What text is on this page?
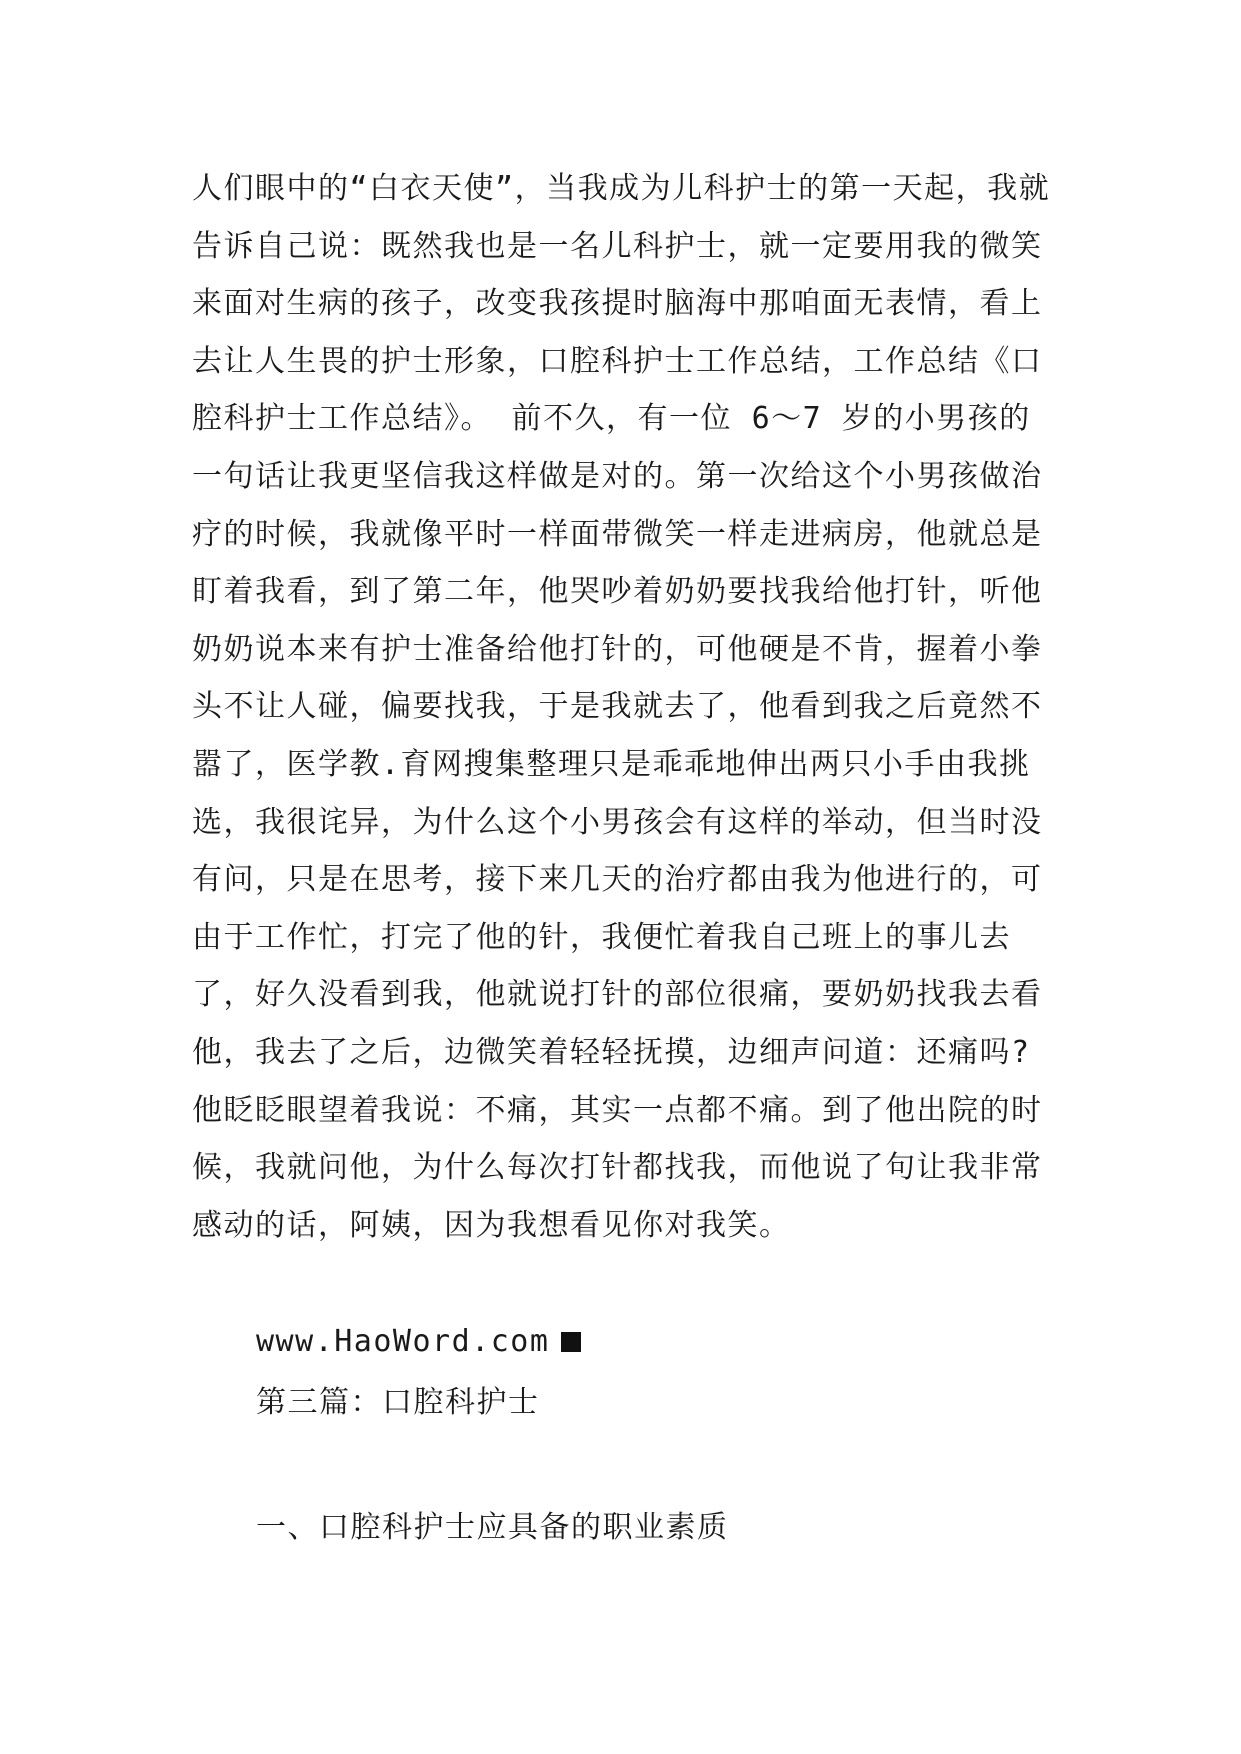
人们眼中的“白衣天使”，当我成为儿科护士的第一天起，我就告诉自己说：既然我也是一名儿科护士，就一定要用我的微笑来面对生病的孩子，改变我孩提时脑海中那咱面无表情，看上去让人生畏的护士形象，口腔科护士工作总结，工作总结《口腔科护士工作总结》。 前不久，有一位 6～7 岁的小男孩的一句话让我更坚信我这样做是对的。第一次给这个小男孩做治疗的时候，我就像平时一样面带微笑一样走进病房，他就总是盯着我看，到了第二年，他哭吵着奶奶要找我给他打针，听他奶奶说本来有护士准备给他打针的，可他硬是不肯，握着小拳头不让人碰，偏要找我，于是我就去了，他看到我之后竟然不嚣了，医学教.育网搜集整理只是乖乖地伸出两只小手由我挑选，我很诧异，为什么这个小男孩会有这样的举动，但当时没有问，只是在思考，接下来几天的治疗都由我为他进行的，可由于工作忙，打完了他的针，我便忙着我自己班上的事儿去了，好久没看到我，他就说打针的部位很痛，要奶奶找我去看他，我去了之后，边微笑着轻轻抚摸，边细声问道：还痛吗?他眨眨眼望着我说：不痛，其实一点都不痛。到了他出院的时候，我就问他，为什么每次打针都找我，而他说了句让我非常感动的话，阿姨，因为我想看见你对我笑。

www.HaoWord.com

第三篇：口腔科护士

一、口腔科护士应具备的职业素质
